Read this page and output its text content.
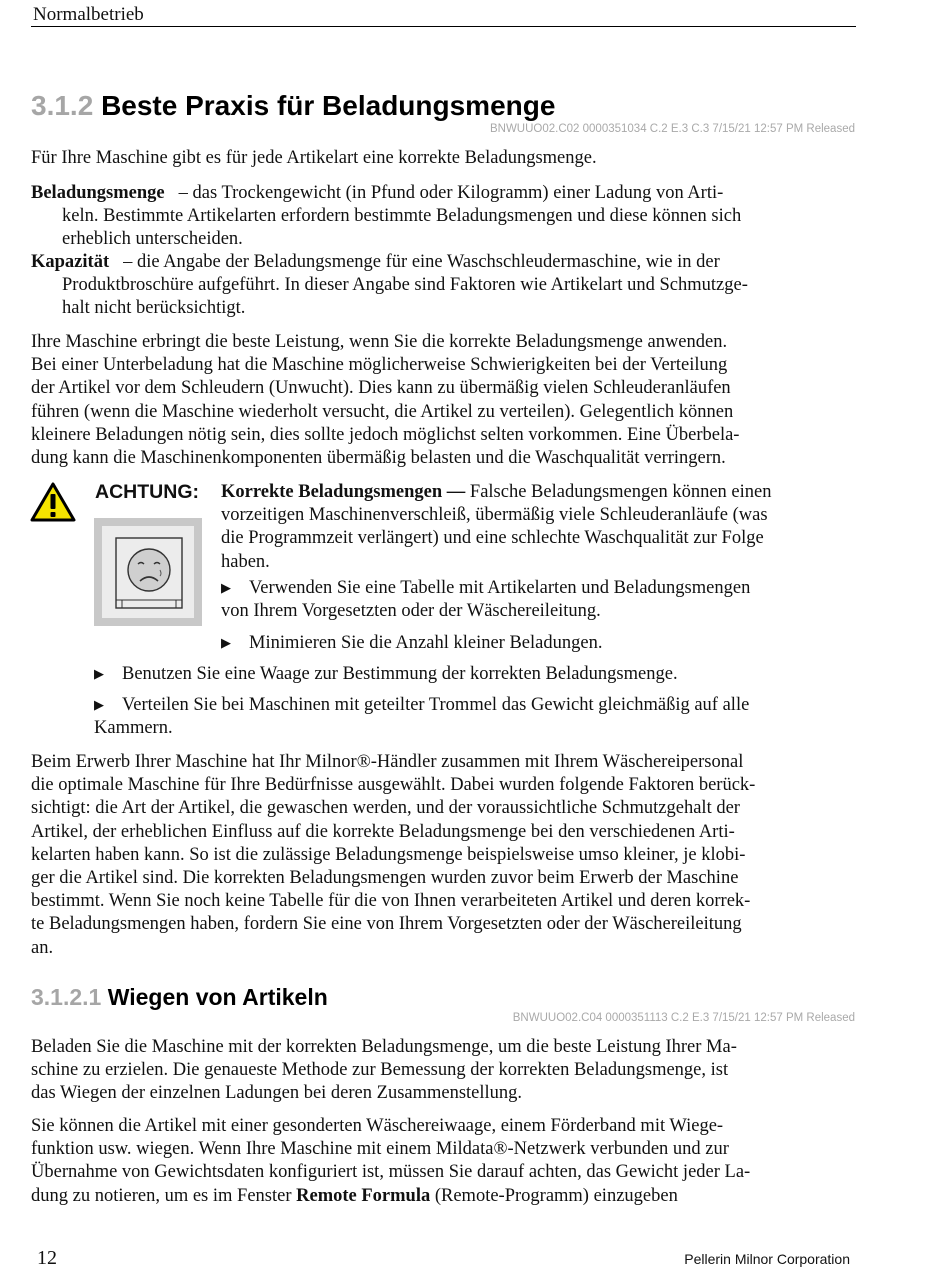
Normalbetrieb
3.1.2 Beste Praxis für Beladungsmenge
BNWUUO02.C02 0000351034 C.2 E.3 C.3 7/15/21 12:57 PM Released
Für Ihre Maschine gibt es für jede Artikelart eine korrekte Beladungsmenge.
Beladungsmenge – das Trockengewicht (in Pfund oder Kilogramm) einer Ladung von Arti-
keln. Bestimmte Artikelarten erfordern bestimmte Beladungsmengen und diese können sich
erheblich unterscheiden.
Kapazität – die Angabe der Beladungsmenge für eine Waschschleudermaschine, wie in der
Produktbroschüre aufgeführt. In dieser Angabe sind Faktoren wie Artikelart und Schmutzge-
halt nicht berücksichtigt.
Ihre Maschine erbringt die beste Leistung, wenn Sie die korrekte Beladungsmenge anwenden.
Bei einer Unterbeladung hat die Maschine möglicherweise Schwierigkeiten bei der Verteilung
der Artikel vor dem Schleudern (Unwucht). Dies kann zu übermäßig vielen Schleuderanläufen
führen (wenn die Maschine wiederholt versucht, die Artikel zu verteilen). Gelegentlich können
kleinere Beladungen nötig sein, dies sollte jedoch möglichst selten vorkommen. Eine Überbela-
dung kann die Maschinenkomponenten übermäßig belasten und die Waschqualität verringern.
ACHTUNG: Korrekte Beladungsmengen — Falsche Beladungsmengen können einen
vorzeitigen Maschinenverschleiß, übermäßig viele Schleuderanläufe (was
die Programmzeit verlängert) und eine schlechte Waschqualität zur Folge
haben.
▶ Verwenden Sie eine Tabelle mit Artikelarten und Beladungsmengen
von Ihrem Vorgesetzten oder der Wäschereileitung.
▶ Minimieren Sie die Anzahl kleiner Beladungen.
▶ Benutzen Sie eine Waage zur Bestimmung der korrekten Beladungsmenge.
▶ Verteilen Sie bei Maschinen mit geteilter Trommel das Gewicht gleichmäßig auf alle
Kammern.
Beim Erwerb Ihrer Maschine hat Ihr Milnor®-Händler zusammen mit Ihrem Wäschereipersonal
die optimale Maschine für Ihre Bedürfnisse ausgewählt. Dabei wurden folgende Faktoren berück-
sichtigt: die Art der Artikel, die gewaschen werden, und der voraussichtliche Schmutzgehalt der
Artikel, der erheblichen Einfluss auf die korrekte Beladungsmenge bei den verschiedenen Arti-
kelarten haben kann. So ist die zulässige Beladungsmenge beispielsweise umso kleiner, je klobi-
ger die Artikel sind. Die korrekten Beladungsmengen wurden zuvor beim Erwerb der Maschine
bestimmt. Wenn Sie noch keine Tabelle für die von Ihnen verarbeiteten Artikel und deren korrek-
te Beladungsmengen haben, fordern Sie eine von Ihrem Vorgesetzten oder der Wäschereileitung
an.
3.1.2.1 Wiegen von Artikeln
BNWUUO02.C04 0000351113 C.2 E.3 7/15/21 12:57 PM Released
Beladen Sie die Maschine mit der korrekten Beladungsmenge, um die beste Leistung Ihrer Ma-
schine zu erzielen. Die genaueste Methode zur Bemessung der korrekten Beladungsmenge, ist
das Wiegen der einzelnen Ladungen bei deren Zusammenstellung.
Sie können die Artikel mit einer gesonderten Wäschereiwaage, einem Förderband mit Wiege-
funktion usw. wiegen. Wenn Ihre Maschine mit einem Mildata®-Netzwerk verbunden und zur
Übernahme von Gewichtsdaten konfiguriert ist, müssen Sie darauf achten, das Gewicht jeder La-
dung zu notieren, um es im Fenster Remote Formula (Remote-Programm) einzugeben
12	Pellerin Milnor Corporation
